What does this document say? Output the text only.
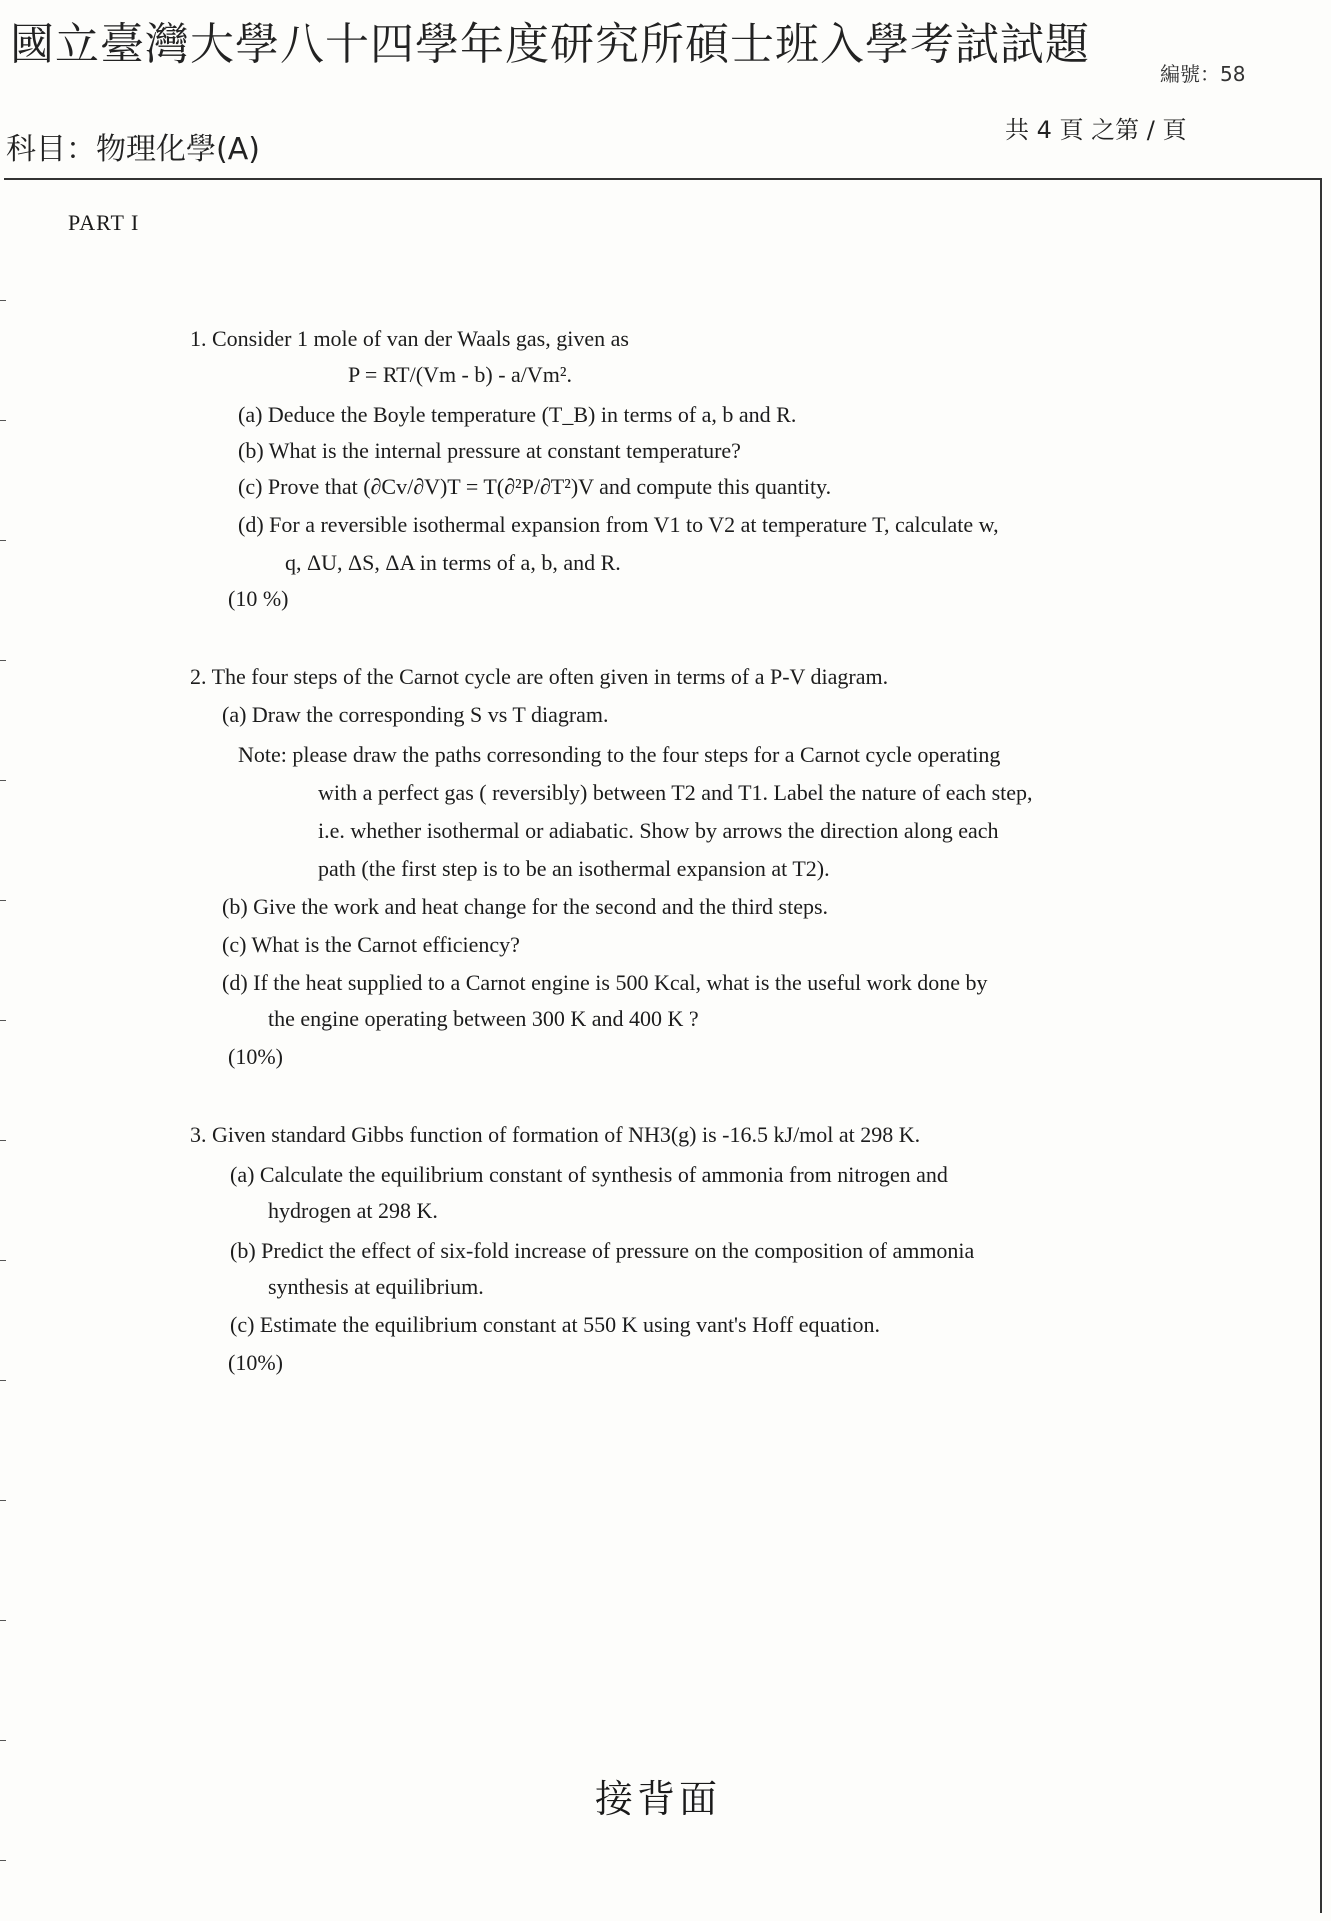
國立臺灣大學八十四學年度研究所碩士班入學考試試題
編號：58
科目：物理化學(A)
共 4 頁 之第 / 頁
PART I
1. Consider 1 mole of van der Waals gas, given as
P = RT/(Vm - b) - a/Vm².
(a) Deduce the Boyle temperature (T_B) in terms of a, b and R.
(b) What is the internal pressure at constant temperature?
(c) Prove that (∂Cv/∂V)T = T(∂²P/∂T²)V and compute this quantity.
(d) For a reversible isothermal expansion from V1 to V2 at temperature T, calculate w,
q, ΔU, ΔS, ΔA in terms of a, b, and R.
(10 %)
2. The four steps of the Carnot cycle are often given in terms of a P-V diagram.
(a) Draw the corresponding S vs T diagram.
Note: please draw the paths corresonding to the four steps for a Carnot cycle operating
with a perfect gas ( reversibly) between T2 and T1. Label the nature of each step,
i.e. whether isothermal or adiabatic. Show by arrows the direction along each
path (the first step is to be an isothermal expansion at T2).
(b) Give the work and heat change for the second and the third steps.
(c) What is the Carnot efficiency?
(d) If the heat supplied to a Carnot engine is 500 Kcal, what is the useful work done by
the engine operating between 300 K and 400 K ?
(10%)
3. Given standard Gibbs function of formation of NH3(g) is -16.5 kJ/mol at 298 K.
(a) Calculate the equilibrium constant of synthesis of ammonia from nitrogen and
hydrogen at 298 K.
(b) Predict the effect of six-fold increase of pressure on the composition of ammonia
synthesis at equilibrium.
(c) Estimate the equilibrium constant at 550 K using vant's Hoff equation.
(10%)
接背面
